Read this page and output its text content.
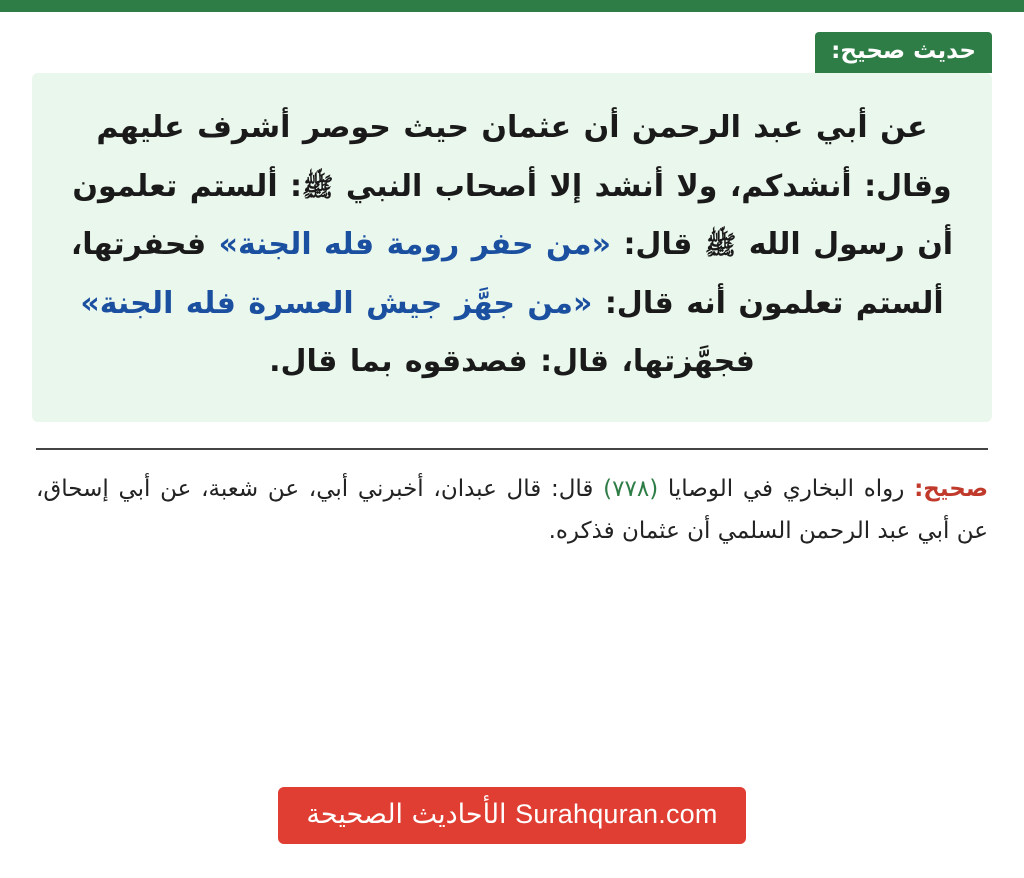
حديث صحيح:
عن أبي عبد الرحمن أن عثمان حيث حوصر أشرف عليهم وقال: أنشدكم، ولا أنشد إلا أصحاب النبي ﷺ: ألستم تعلمون أن رسول الله ﷺ قال: «من حفر رومة فله الجنة» فحفرتها، ألستم تعلمون أنه قال: «من جهَّز جيش العسرة فله الجنة» فجهَّزتها، قال: فصدقوه بما قال.
صحيح: رواه البخاري في الوصايا (٧٧٨) قال: قال عبدان، أخبرني أبي، عن شعبة، عن أبي إسحاق، عن أبي عبد الرحمن السلمي أن عثمان فذكره.
Surahquran.com الأحاديث الصحيحة
